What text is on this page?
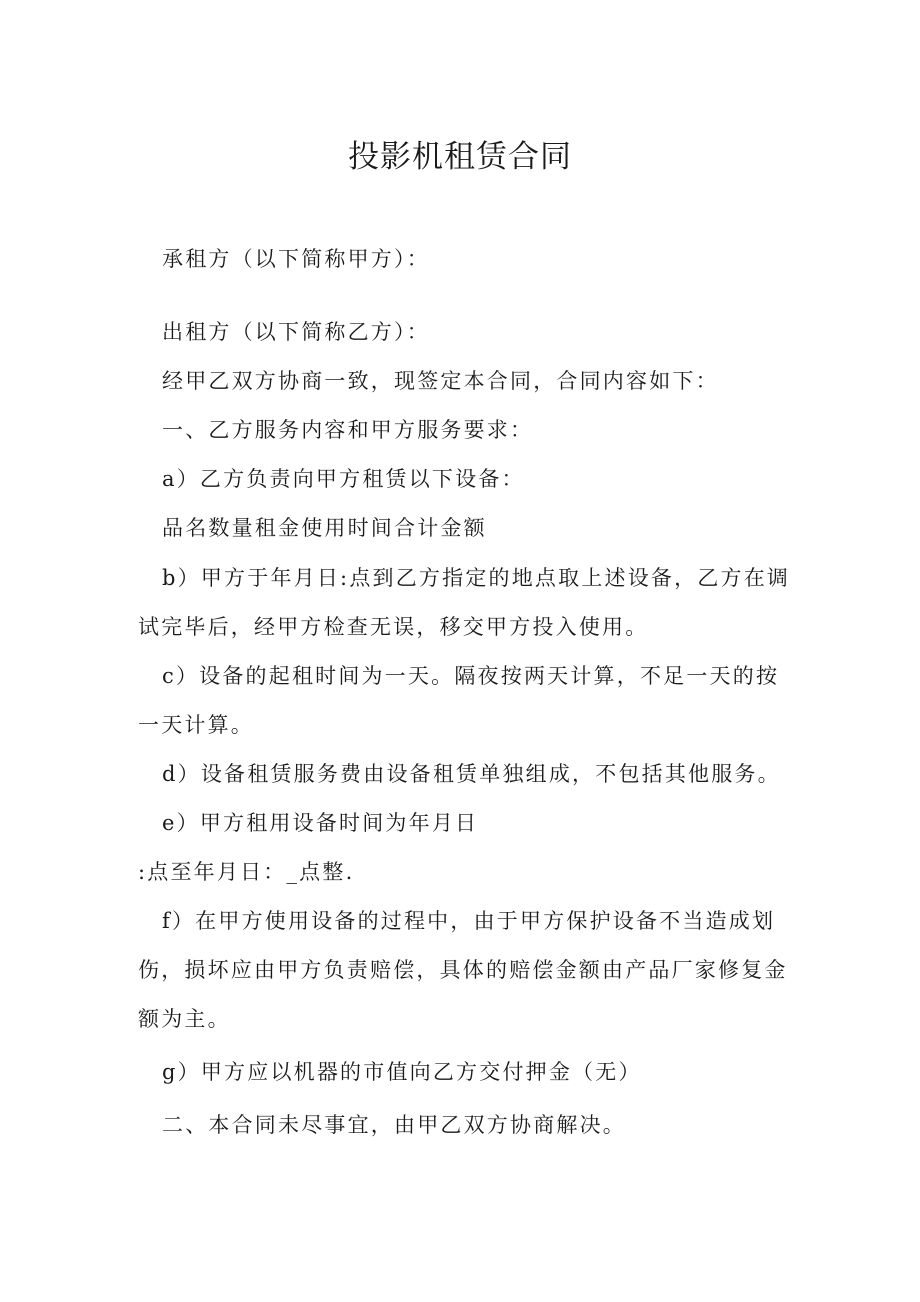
投影机租赁合同
承租方（以下简称甲方）：
出租方（以下简称乙方）：
经甲乙双方协商一致，现签定本合同，合同内容如下：
一、乙方服务内容和甲方服务要求：
a）乙方负责向甲方租赁以下设备：
品名数量租金使用时间合计金额
b）甲方于年月日:点到乙方指定的地点取上述设备，乙方在调
试完毕后，经甲方检查无误，移交甲方投入使用。
c）设备的起租时间为一天。隔夜按两天计算，不足一天的按
一天计算。
d）设备租赁服务费由设备租赁单独组成，不包括其他服务。
e）甲方租用设备时间为年月日
:点至年月日：_点整.
f）在甲方使用设备的过程中，由于甲方保护设备不当造成划
伤，损坏应由甲方负责赔偿，具体的赔偿金额由产品厂家修复金
额为主。
g）甲方应以机器的市值向乙方交付押金（无）
二、本合同未尽事宜，由甲乙双方协商解决。
